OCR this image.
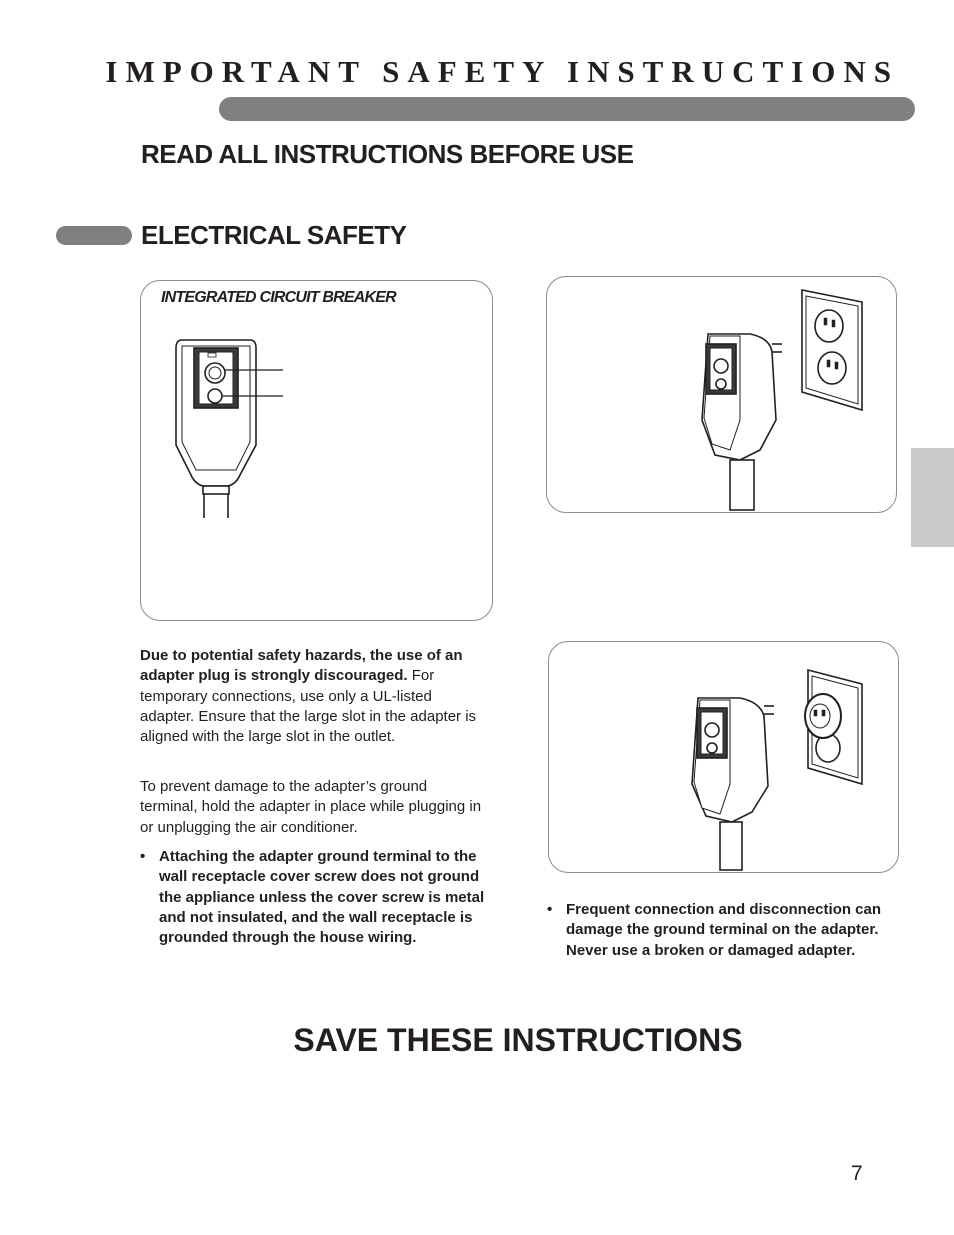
IMPORTANT SAFETY INSTRUCTIONS
READ ALL INSTRUCTIONS BEFORE USE
ELECTRICAL SAFETY
INTEGRATED CIRCUIT BREAKER
Due to potential safety hazards, the use of an adapter plug is strongly discouraged. For temporary connections, use only a UL-listed adapter. Ensure that the large slot in the adapter is aligned with the large slot in the outlet.
To prevent damage to the adapter’s ground terminal, hold the adapter in place while plugging in or unplugging the air conditioner.
• Attaching the adapter ground terminal to the wall receptacle cover screw does not ground the appliance unless the cover screw is metal and not insulated, and the wall receptacle is grounded through the house wiring.
• Frequent connection and disconnection can damage the ground terminal on the adapter. Never use a broken or damaged adapter.
SAVE THESE INSTRUCTIONS
7
